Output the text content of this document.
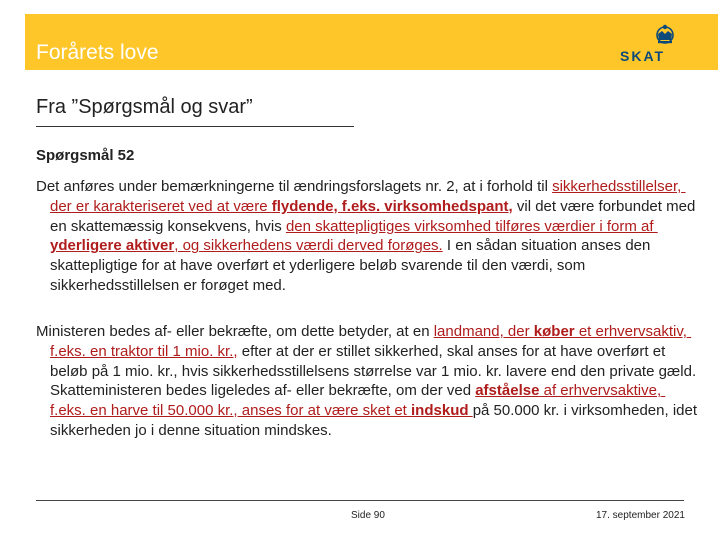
Forårets love	SKAT
Fra ”Spørgsmål og svar”
Spørgsmål 52

Det anføres under bemærkningerne til ændringsforslagets nr. 2, at i forhold til sikkerhedsstillelser, der er karakteriseret ved at være flydende, f.eks. virksomhedspant, vil det være forbundet med en skattemæssig konsekvens, hvis den skattepligtiges virksomhed tilføres værdier i form af yderligere aktiver, og sikkerhedens værdi derved forøges. I en sådan situation anses den skattepligtige for at have overført et yderligere beløb svarende til den værdi, som sikkerhedsstillelsen er forøget med.

Ministeren bedes af- eller bekræfte, om dette betyder, at en landmand, der køber et erhvervsaktiv, f.eks. en traktor til 1 mio. kr., efter at der er stillet sikkerhed, skal anses for at have overført et beløb på 1 mio. kr., hvis sikkerhedsstillelsens størrelse var 1 mio. kr. lavere end den private gæld. Skatteministeren bedes ligeledes af- eller bekræfte, om der ved afståelse af erhvervsaktive, f.eks. en harve til 50.000 kr., anses for at være sket et indskud på 50.000 kr. i virksomheden, idet sikkerheden jo i denne situation mindskes.

Side 90	17. september 2021
